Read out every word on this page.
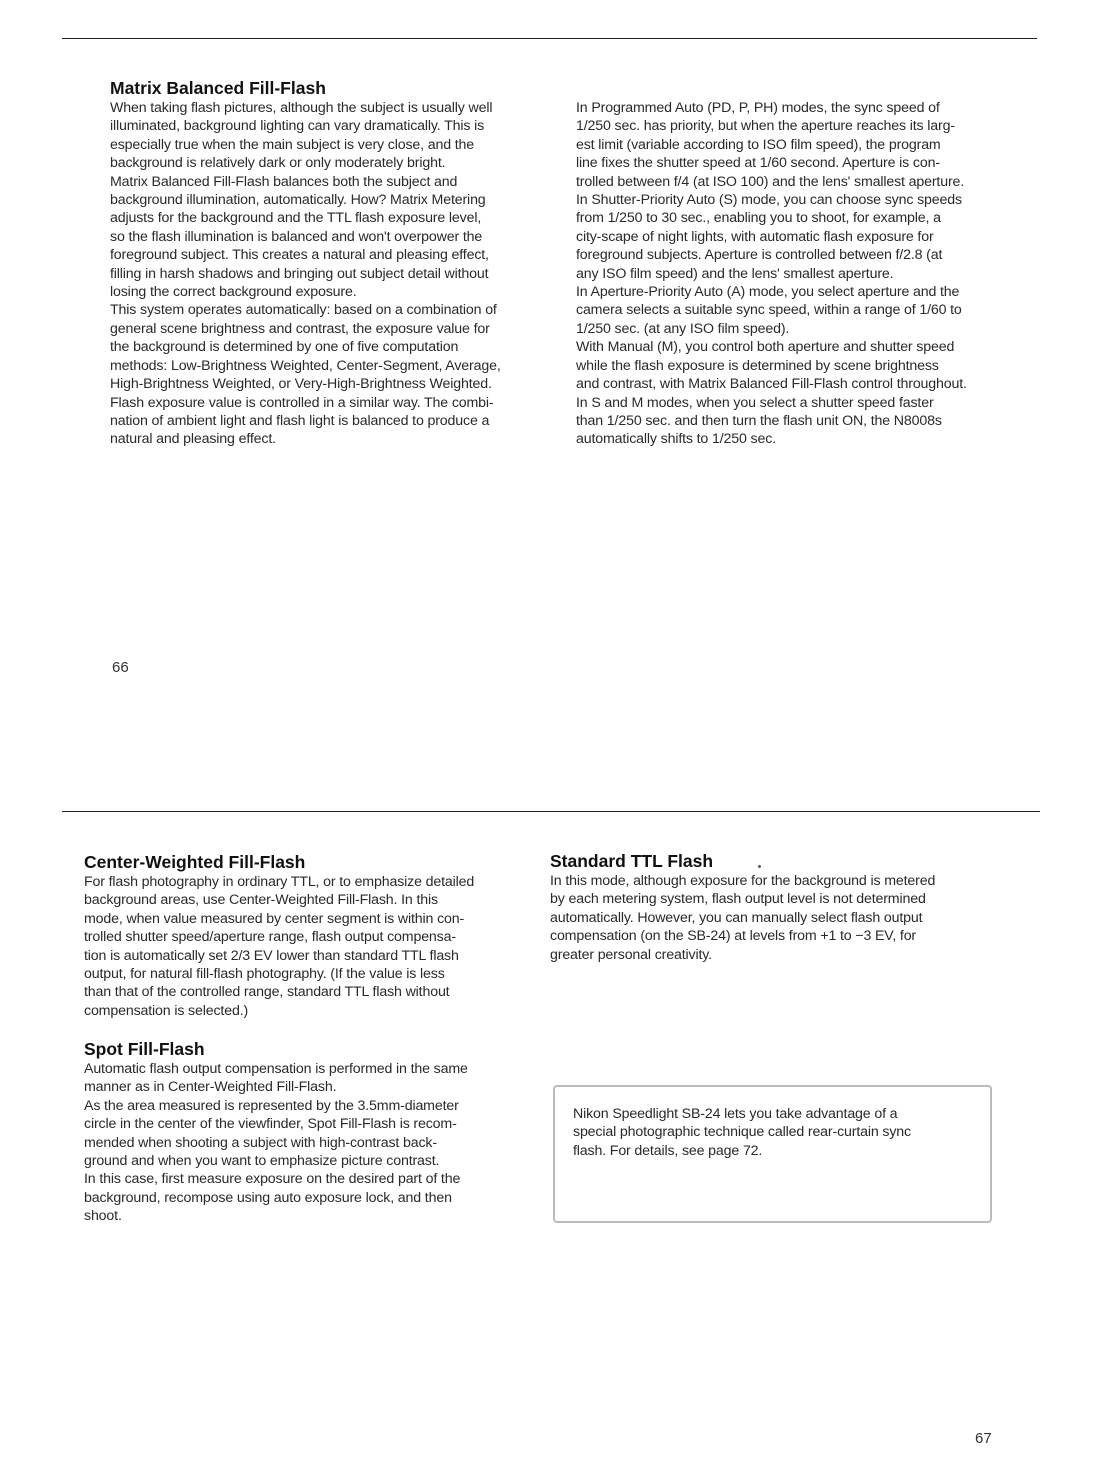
Matrix Balanced Fill-Flash
When taking flash pictures, although the subject is usually well
illuminated, background lighting can vary dramatically. This is
especially true when the main subject is very close, and the
background is relatively dark or only moderately bright.
Matrix Balanced Fill-Flash balances both the subject and
background illumination, automatically. How? Matrix Metering
adjusts for the background and the TTL flash exposure level,
so the flash illumination is balanced and won't overpower the
foreground subject. This creates a natural and pleasing effect,
filling in harsh shadows and bringing out subject detail without
losing the correct background exposure.
This system operates automatically: based on a combination of
general scene brightness and contrast, the exposure value for
the background is determined by one of five computation
methods: Low-Brightness Weighted, Center-Segment, Average,
High-Brightness Weighted, or Very-High-Brightness Weighted.
Flash exposure value is controlled in a similar way. The combi-
nation of ambient light and flash light is balanced to produce a
natural and pleasing effect.
In Programmed Auto (PD, P, PH) modes, the sync speed of
1/250 sec. has priority, but when the aperture reaches its larg-
est limit (variable according to ISO film speed), the program
line fixes the shutter speed at 1/60 second. Aperture is con-
trolled between f/4 (at ISO 100) and the lens' smallest aperture.
In Shutter-Priority Auto (S) mode, you can choose sync speeds
from 1/250 to 30 sec., enabling you to shoot, for example, a
city-scape of night lights, with automatic flash exposure for
foreground subjects. Aperture is controlled between f/2.8 (at
any ISO film speed) and the lens' smallest aperture.
In Aperture-Priority Auto (A) mode, you select aperture and the
camera selects a suitable sync speed, within a range of 1/60 to
1/250 sec. (at any ISO film speed).
With Manual (M), you control both aperture and shutter speed
while the flash exposure is determined by scene brightness
and contrast, with Matrix Balanced Fill-Flash control throughout.
In S and M modes, when you select a shutter speed faster
than 1/250 sec. and then turn the flash unit ON, the N8008s
automatically shifts to 1/250 sec.
66
Center-Weighted Fill-Flash
For flash photography in ordinary TTL, or to emphasize detailed
background areas, use Center-Weighted Fill-Flash. In this
mode, when value measured by center segment is within con-
trolled shutter speed/aperture range, flash output compensa-
tion is automatically set 2/3 EV lower than standard TTL flash
output, for natural fill-flash photography. (If the value is less
than that of the controlled range, standard TTL flash without
compensation is selected.)
Spot Fill-Flash
Automatic flash output compensation is performed in the same
manner as in Center-Weighted Fill-Flash.
As the area measured is represented by the 3.5mm-diameter
circle in the center of the viewfinder, Spot Fill-Flash is recom-
mended when shooting a subject with high-contrast back-
ground and when you want to emphasize picture contrast.
In this case, first measure exposure on the desired part of the
background, recompose using auto exposure lock, and then
shoot.
Standard TTL Flash
In this mode, although exposure for the background is metered
by each metering system, flash output level is not determined
automatically. However, you can manually select flash output
compensation (on the SB-24) at levels from +1 to −3 EV, for
greater personal creativity.
Nikon Speedlight SB-24 lets you take advantage of a
special photographic technique called rear-curtain sync
flash. For details, see page 72.
67
